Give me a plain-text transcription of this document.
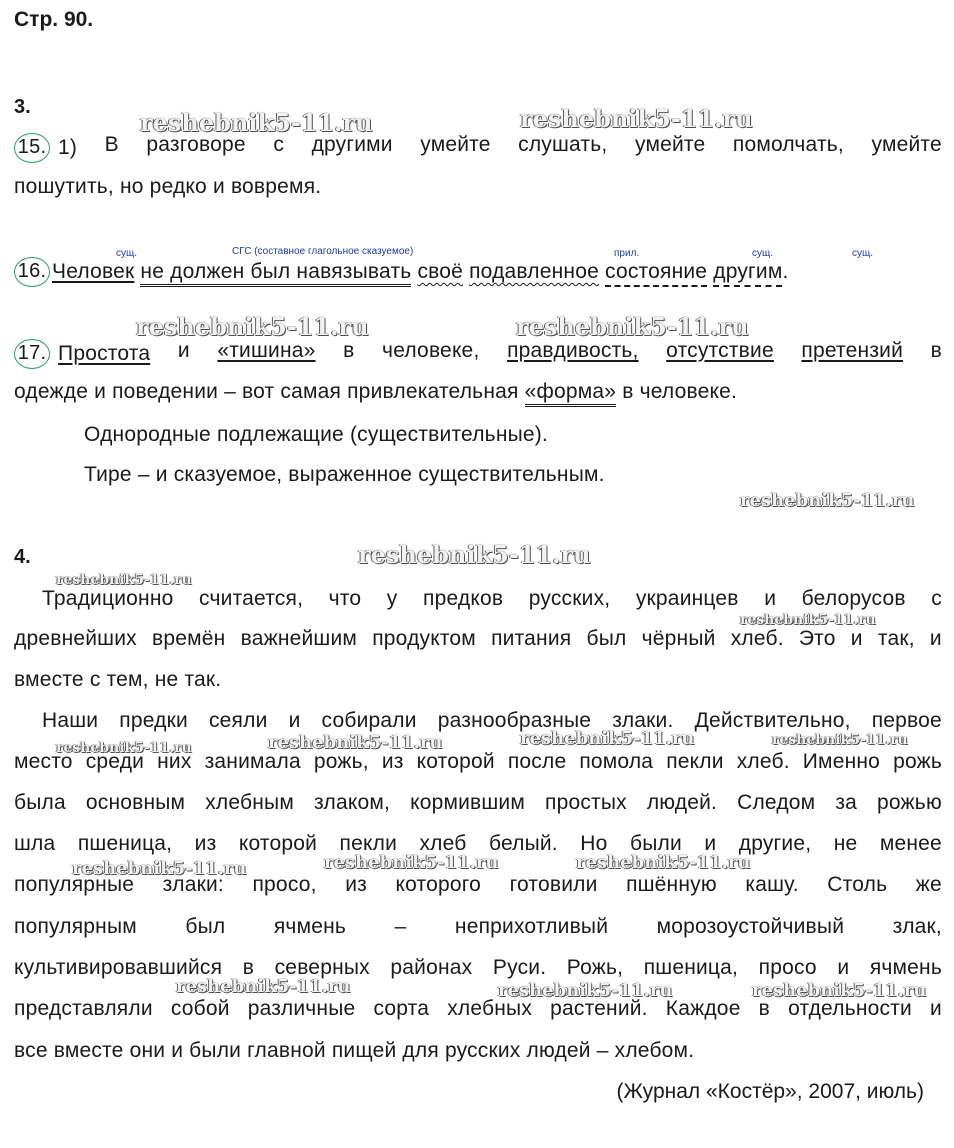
Стр. 90.
3.
15. 1) В разговоре с другими умейте слушать, умейте помолчать, умейте
пошутить, но редко и вовремя.
сущ.	СГС (составное глагольное сказуемое)	прил.	сущ.	сущ.
16. Человек не должен был навязывать своё подавленное состояние другим.
17. Простота и «тишина» в человеке, правдивость, отсутствие претензий в
одежде и поведении – вот самая привлекательная «форма» в человеке.
Однородные подлежащие (существительные).
Тире – и сказуемое, выраженное существительным.
4.
Традиционно считается, что у предков русских, украинцев и белорусов с
древнейших времён важнейшим продуктом питания был чёрный хлеб. Это и так, и
вместе с тем, не так.
Наши предки сеяли и собирали разнообразные злаки. Действительно, первое
место среди них занимала рожь, из которой после помола пекли хлеб. Именно рожь
была основным хлебным злаком, кормившим простых людей. Следом за рожью
шла пшеница, из которой пекли хлеб белый. Но были и другие, не менее
популярные злаки: просо, из которого готовили пшённую кашу. Столь же
популярным был ячмень – неприхотливый морозоустойчивый злак,
культивировавшийся в северных районах Руси. Рожь, пшеница, просо и ячмень
представляли собой различные сорта хлебных растений. Каждое в отдельности и
все вместе они и были главной пищей для русских людей – хлебом.
(Журнал «Костёр», 2007, июль)
reshebnik5-11.ru	reshebnik5-11.ru
reshebnik5-11.ru	reshebnik5-11.ru
reshebnik5-11.ru
reshebnik5-11.ru
reshebnik5-11.ru
reshebnik5-11.ru
reshebnik5-11.ru	reshebnik5-11.ru	reshebnik5-11.ru	reshebnik5-11.ru
reshebnik5-11.ru	reshebnik5-11.ru	reshebnik5-11.ru
reshebnik5-11.ru	reshebnik5-11.ru	reshebnik5-11.ru
